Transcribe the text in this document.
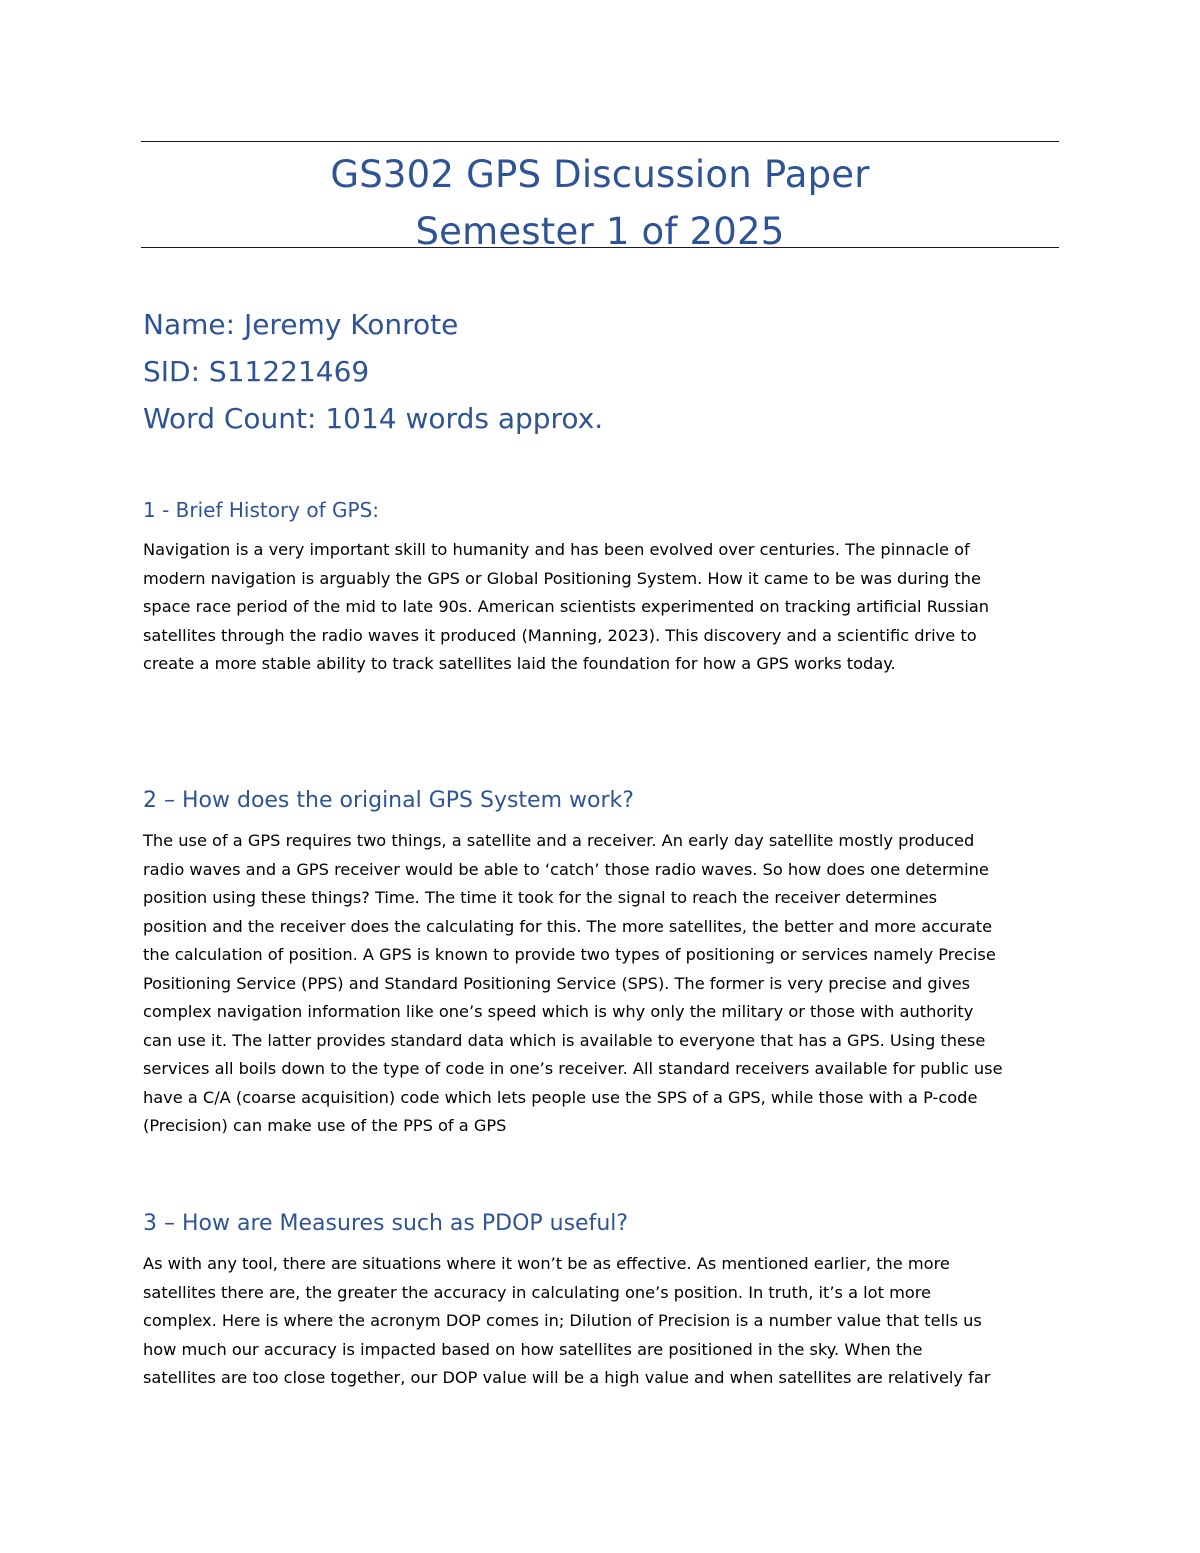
GS302 GPS Discussion Paper
Semester 1 of 2025
Name: Jeremy Konrote
SID: S11221469
Word Count: 1014 words approx.
1 - Brief History of GPS:
Navigation is a very important skill to humanity and has been evolved over centuries. The pinnacle of
modern navigation is arguably the GPS or Global Positioning System. How it came to be was during the
space race period of the mid to late 90s. American scientists experimented on tracking artificial Russian
satellites through the radio waves it produced (Manning, 2023). This discovery and a scientific drive to
create a more stable ability to track satellites laid the foundation for how a GPS works today.
2 – How does the original GPS System work?
The use of a GPS requires two things, a satellite and a receiver. An early day satellite mostly produced
radio waves and a GPS receiver would be able to ‘catch’ those radio waves. So how does one determine
position using these things? Time. The time it took for the signal to reach the receiver determines
position and the receiver does the calculating for this. The more satellites, the better and more accurate
the calculation of position. A GPS is known to provide two types of positioning or services namely Precise
Positioning Service (PPS) and Standard Positioning Service (SPS). The former is very precise and gives
complex navigation information like one’s speed which is why only the military or those with authority
can use it. The latter provides standard data which is available to everyone that has a GPS. Using these
services all boils down to the type of code in one’s receiver. All standard receivers available for public use
have a C/A (coarse acquisition) code which lets people use the SPS of a GPS, while those with a P-code
(Precision) can make use of the PPS of a GPS
3 – How are Measures such as PDOP useful?
As with any tool, there are situations where it won’t be as effective. As mentioned earlier, the more
satellites there are, the greater the accuracy in calculating one’s position. In truth, it’s a lot more
complex. Here is where the acronym DOP comes in; Dilution of Precision is a number value that tells us
how much our accuracy is impacted based on how satellites are positioned in the sky. When the
satellites are too close together, our DOP value will be a high value and when satellites are relatively far
